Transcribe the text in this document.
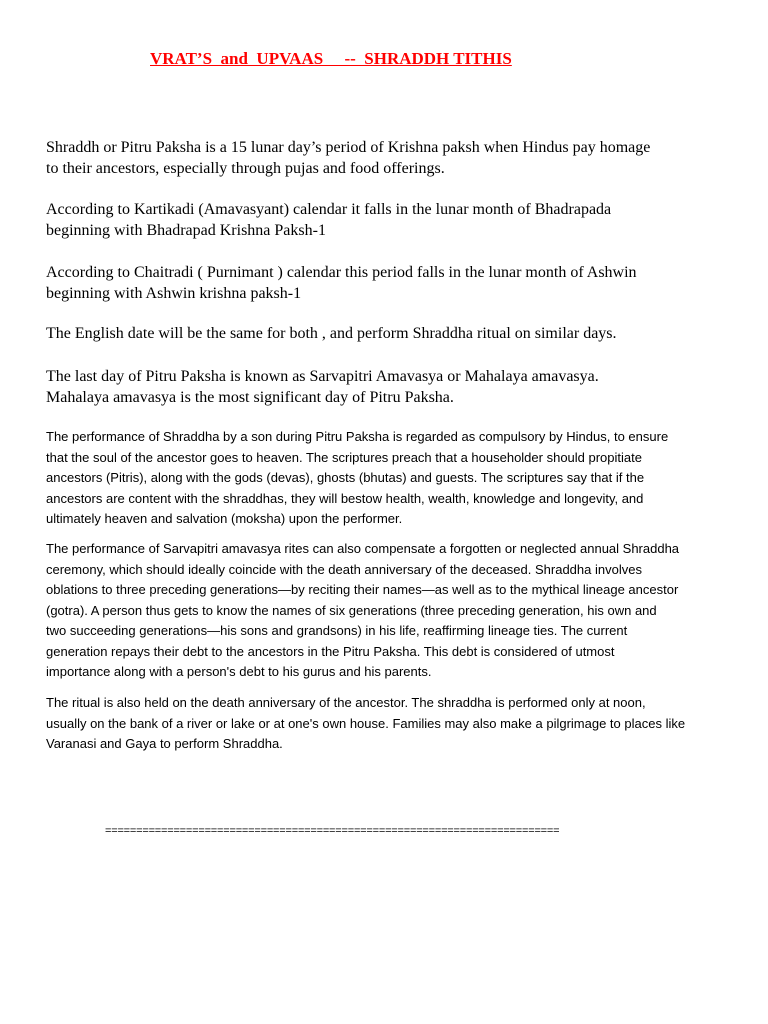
VRAT’S  and  UPVAAS     --  SHRADDH TITHIS

Shraddh or Pitru Paksha is a 15 lunar day’s period of Krishna paksh when Hindus pay homage
to their ancestors, especially through pujas and food offerings.

According to Kartikadi (Amavasyant) calendar it falls in the lunar month of Bhadrapada
beginning with Bhadrapad Krishna Paksh-1

According to Chaitradi ( Purnimant ) calendar this period falls in the lunar month of Ashwin
beginning with Ashwin krishna paksh-1

The English date will be the same for both , and perform Shraddha ritual on similar days.

The last day of Pitru Paksha is known as Sarvapitri Amavasya or Mahalaya amavasya.
Mahalaya amavasya is the most significant day of Pitru Paksha.

The performance of Shraddha by a son during Pitru Paksha is regarded as compulsory by Hindus, to ensure
that the soul of the ancestor goes to heaven. The scriptures preach that a householder should propitiate
ancestors (Pitris), along with the gods (devas), ghosts (bhutas) and guests. The scriptures say that if the
ancestors are content with the shraddhas, they will bestow health, wealth, knowledge and longevity, and
ultimately heaven and salvation (moksha) upon the performer.

The performance of Sarvapitri amavasya rites can also compensate a forgotten or neglected annual Shraddha
ceremony, which should ideally coincide with the death anniversary of the deceased. Shraddha involves
oblations to three preceding generations—by reciting their names—as well as to the mythical lineage ancestor
(gotra). A person thus gets to know the names of six generations (three preceding generation, his own and
two succeeding generations—his sons and grandsons) in his life, reaffirming lineage ties. The current
generation repays their debt to the ancestors in the Pitru Paksha. This debt is considered of utmost
importance along with a person's debt to his gurus and his parents.

The ritual is also held on the death anniversary of the ancestor. The shraddha is performed only at noon,
usually on the bank of a river or lake or at one's own house. Families may also make a pilgrimage to places like
Varanasi and Gaya to perform Shraddha.

=========================================================================
